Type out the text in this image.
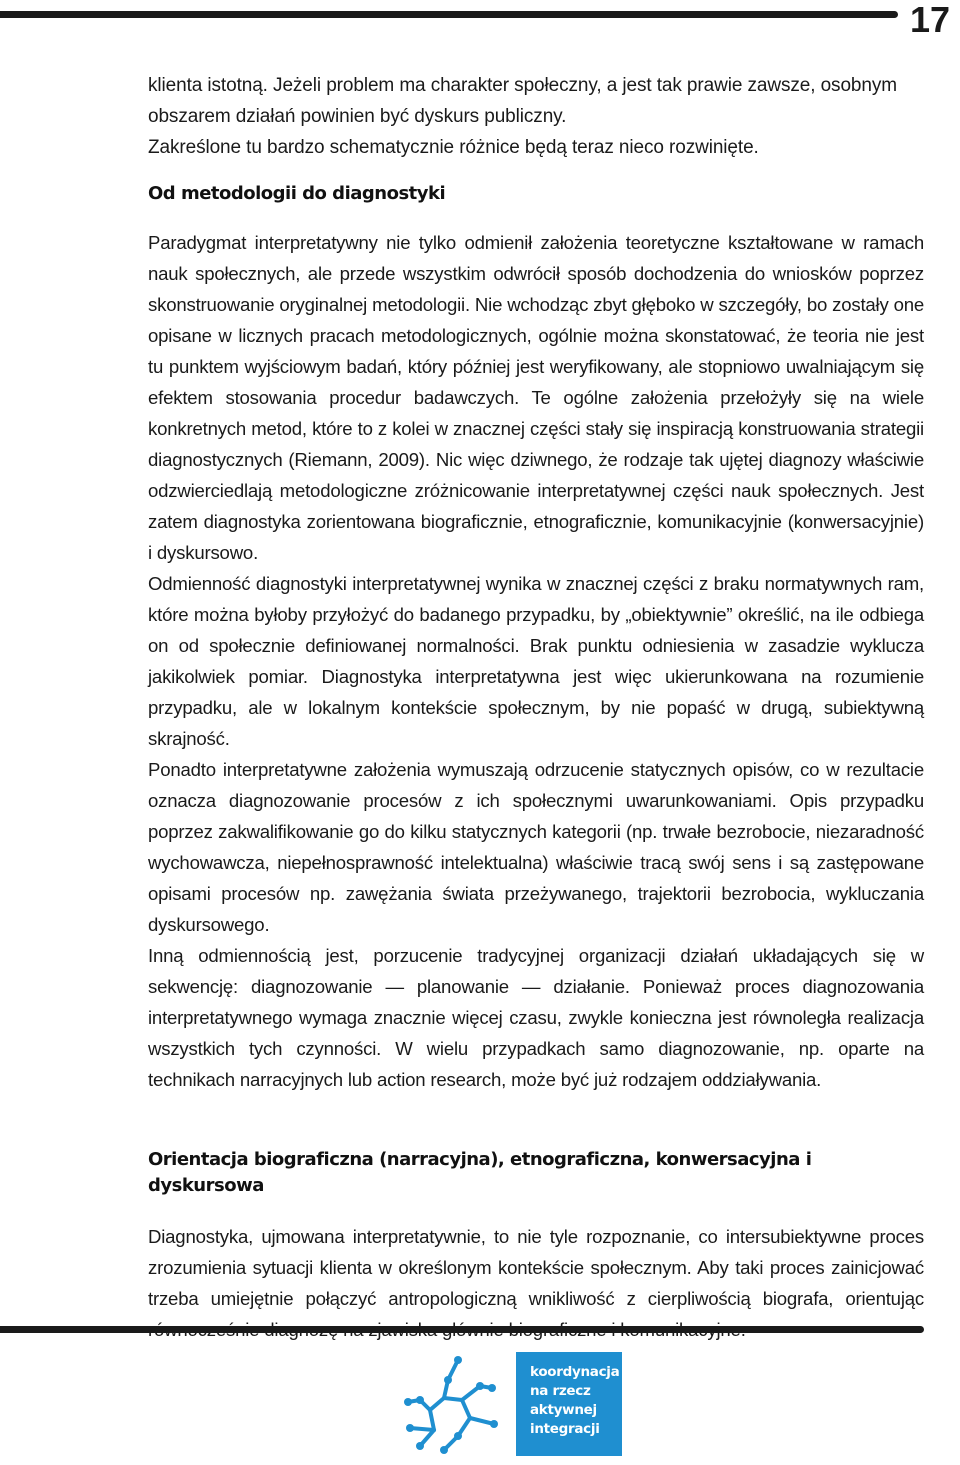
17

klienta istotną. Jeżeli problem ma charakter społeczny, a jest tak prawie zawsze, osobnym

obszarem działań powinien być dyskurs publiczny.

Zakreślone tu bardzo schematycznie różnice będą teraz nieco rozwinięte.

Od metodologii do diagnostyki

Paradygmat interpretatywny nie tylko odmienił założenia teoretyczne kształtowane w ramach nauk społecznych, ale przede wszystkim odwrócił sposób dochodzenia do wniosków poprzez skonstruowanie oryginalnej metodologii. Nie wchodząc zbyt głęboko w szczegóły, bo zostały one opisane w licznych pracach metodologicznych, ogólnie można skonstatować, że teoria nie jest tu punktem wyjściowym badań, który później jest weryfikowany, ale stopniowo uwalniającym się efektem stosowania procedur badawczych. Te ogólne założenia przełożyły się na wiele konkretnych metod, które to z kolei w znacznej części stały się inspiracją konstruowania strategii diagnostycznych (Riemann, 2009). Nic więc dziwnego, że rodzaje tak ujętej diagnozy właściwie odzwierciedlają metodologiczne zróżnicowanie interpretatywnej części nauk społecznych. Jest zatem diagnostyka zorientowana biograficznie, etnograficznie, komunikacyjnie (konwersacyjnie) i dyskursowo.

Odmienność diagnostyki interpretatywnej wynika w znacznej części z braku normatywnych ram, które można byłoby przyłożyć do badanego przypadku, by „obiektywnie” określić, na ile odbiega on od społecznie definiowanej normalności. Brak punktu odniesienia w zasadzie wyklucza jakikolwiek pomiar. Diagnostyka interpretatywna jest więc ukierunkowana na rozumienie przypadku, ale w lokalnym kontekście społecznym, by nie popaść w drugą, subiektywną skrajność.

Ponadto interpretatywne założenia wymuszają odrzucenie statycznych opisów, co w rezultacie oznacza diagnozowanie procesów z ich społecznymi uwarunkowaniami. Opis przypadku poprzez zakwalifikowanie go do kilku statycznych kategorii (np. trwałe bezrobocie, niezaradność wychowawcza, niepełnosprawność intelektualna) właściwie tracą swój sens i są zastępowane opisami procesów np. zawężania świata przeżywanego, trajektorii bezrobocia, wykluczania dyskursowego.

Inną odmiennością jest, porzucenie tradycyjnej organizacji działań układających się w sekwencję: diagnozowanie — planowanie — działanie. Ponieważ proces diagnozowania interpretatywnego wymaga znacznie więcej czasu, zwykle konieczna jest równoległa realizacja wszystkich tych czynności. W wielu przypadkach samo diagnozowanie, np. oparte na technikach narracyjnych lub action research, może być już rodzajem oddziaływania.

Orientacja biograficzna (narracyjna), etnograficzna, konwersacyjna i dyskursowa

Diagnostyka, ujmowana interpretatywnie, to nie tyle rozpoznanie, co intersubiektywne proces zrozumienia sytuacji klienta w określonym kontekście społecznym. Aby taki proces zainicjować trzeba umiejętnie połączyć antropologiczną wnikliwość z cierpliwością biografa, orientując

koordynacja
na rzecz
aktywnej
integracji
